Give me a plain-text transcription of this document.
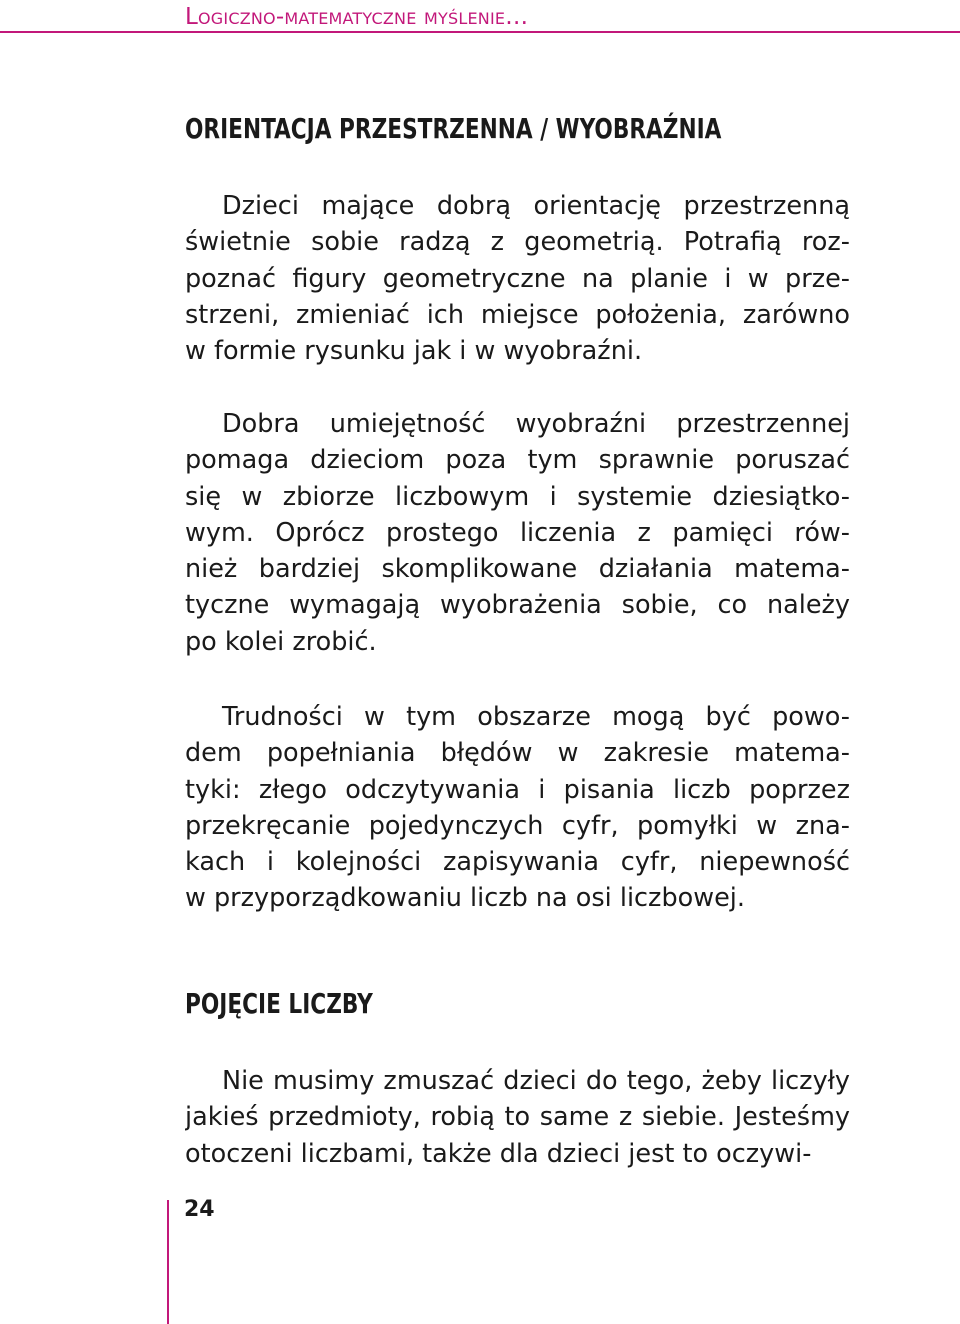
Logiczno-matematyczne myślenie…
ORIENTACJA PRZESTRZENNA / WYOBRAŹNIA

Dzieci mające dobrą orientację przestrzenną
świetnie sobie radzą z geometrią. Potrafią roz-
poznać figury geometryczne na planie i w prze-
strzeni, zmieniać ich miejsce położenia, zarówno
w formie rysunku jak i w wyobraźni.

Dobra umiejętność wyobraźni przestrzennej
pomaga dzieciom poza tym sprawnie poruszać
się w zbiorze liczbowym i systemie dziesiątko-
wym. Oprócz prostego liczenia z pamięci rów-
nież bardziej skomplikowane działania matema-
tyczne wymagają wyobrażenia sobie, co należy
po kolei zrobić.

Trudności w tym obszarze mogą być powo-
dem popełniania błędów w zakresie matema-
tyki: złego odczytywania i pisania liczb poprzez
przekręcanie pojedynczych cyfr, pomyłki w zna-
kach i kolejności zapisywania cyfr, niepewność
w przyporządkowaniu liczb na osi liczbowej.

POJĘCIE LICZBY

Nie musimy zmuszać dzieci do tego, żeby liczyły
jakieś przedmioty, robią to same z siebie. Jesteśmy
otoczeni liczbami, także dla dzieci jest to oczywi-

24
